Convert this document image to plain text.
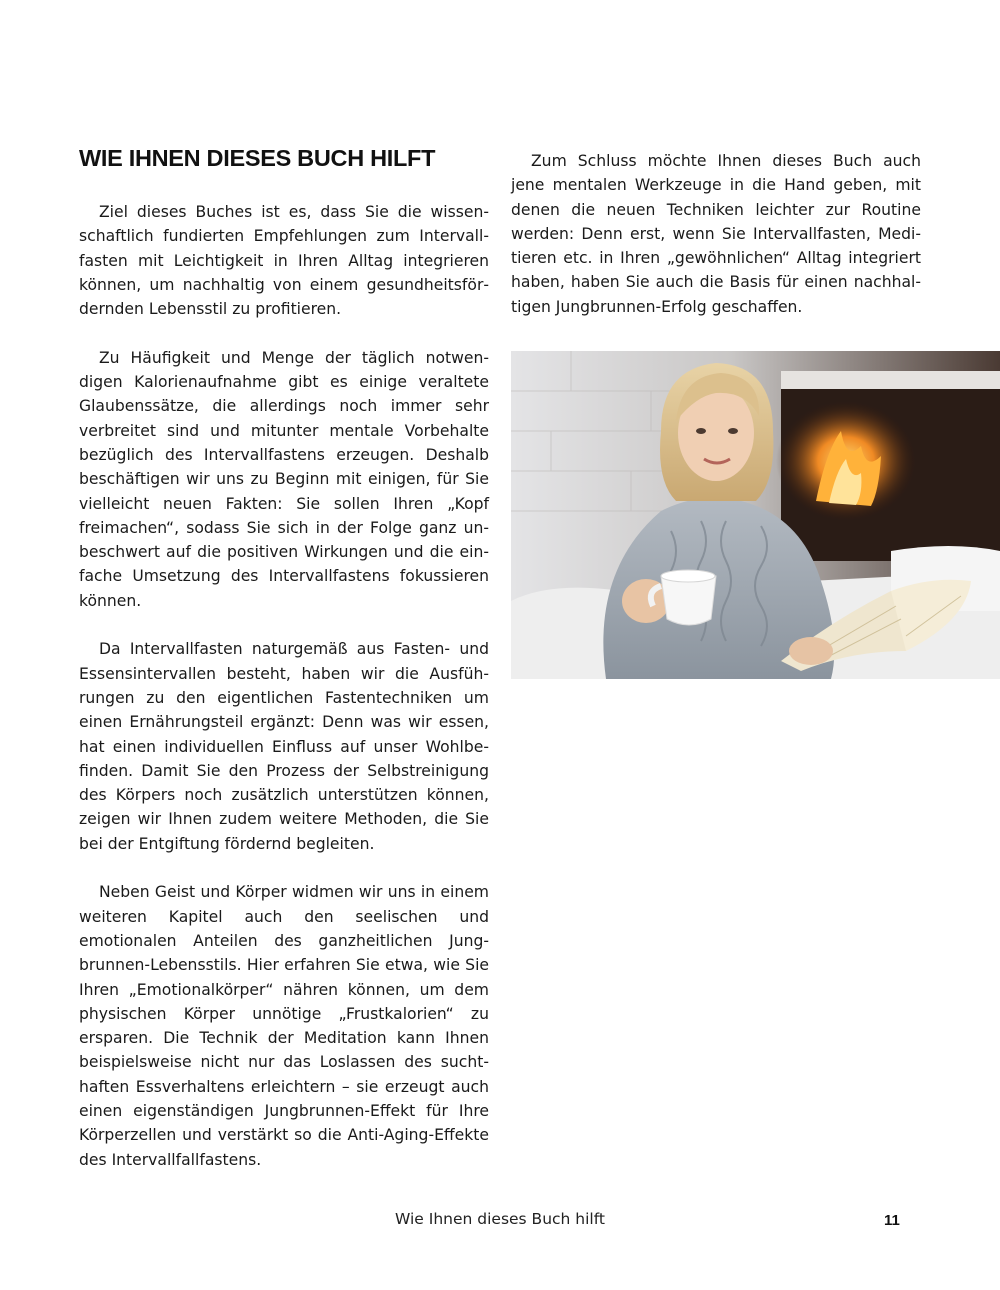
WIE IHNEN DIESES BUCH HILFT

Ziel dieses Buches ist es, dass Sie die wissenschaftlich fundierten Empfehlungen zum Intervallfasten mit Leichtigkeit in Ihren Alltag integrieren können, um nachhaltig von einem gesundheitsfördernden Lebensstil zu profitieren.

Zu Häufigkeit und Menge der täglich notwendigen Kalorienaufnahme gibt es einige veraltete Glaubenssätze, die allerdings noch immer sehr verbreitet sind und mitunter mentale Vorbehalte bezüglich des Intervallfastens erzeugen. Deshalb beschäftigen wir uns zu Beginn mit einigen, für Sie vielleicht neuen Fakten: Sie sollen Ihren „Kopf freimachen“, sodass Sie sich in der Folge ganz unbeschwert auf die positiven Wirkungen und die einfache Umsetzung des Intervallfastens fokussieren können.

Da Intervallfasten naturgemäß aus Fasten- und Essensintervallen besteht, haben wir die Ausführungen zu den eigentlichen Fastentechniken um einen Ernährungsteil ergänzt: Denn was wir essen, hat einen individuellen Einfluss auf unser Wohlbefinden. Damit Sie den Prozess der Selbstreinigung des Körpers noch zusätzlich unterstützen können, zeigen wir Ihnen zudem weitere Methoden, die Sie bei der Entgiftung fördernd begleiten.

Neben Geist und Körper widmen wir uns in einem weiteren Kapitel auch den seelischen und emotionalen Anteilen des ganzheitlichen Jungbrunnen-Lebensstils. Hier erfahren Sie etwa, wie Sie Ihren „Emotionalkörper“ nähren können, um dem physischen Körper unnötige „Frustkalorien“ zu ersparen. Die Technik der Meditation kann Ihnen beispielsweise nicht nur das Loslassen des suchthaften Essverhaltens erleichtern – sie erzeugt auch einen eigenständigen Jungbrunnen-Effekt für Ihre Körperzellen und verstärkt so die Anti-Aging-Effekte des Intervallfallfastens.

Zum Schluss möchte Ihnen dieses Buch auch jene mentalen Werkzeuge in die Hand geben, mit denen die neuen Techniken leichter zur Routine werden: Denn erst, wenn Sie Intervallfasten, Meditieren etc. in Ihren „gewöhnlichen“ Alltag integriert haben, haben Sie auch die Basis für einen nachhaltigen Jungbrunnen-Erfolg geschaffen.

Wie Ihnen dieses Buch hilft	11
